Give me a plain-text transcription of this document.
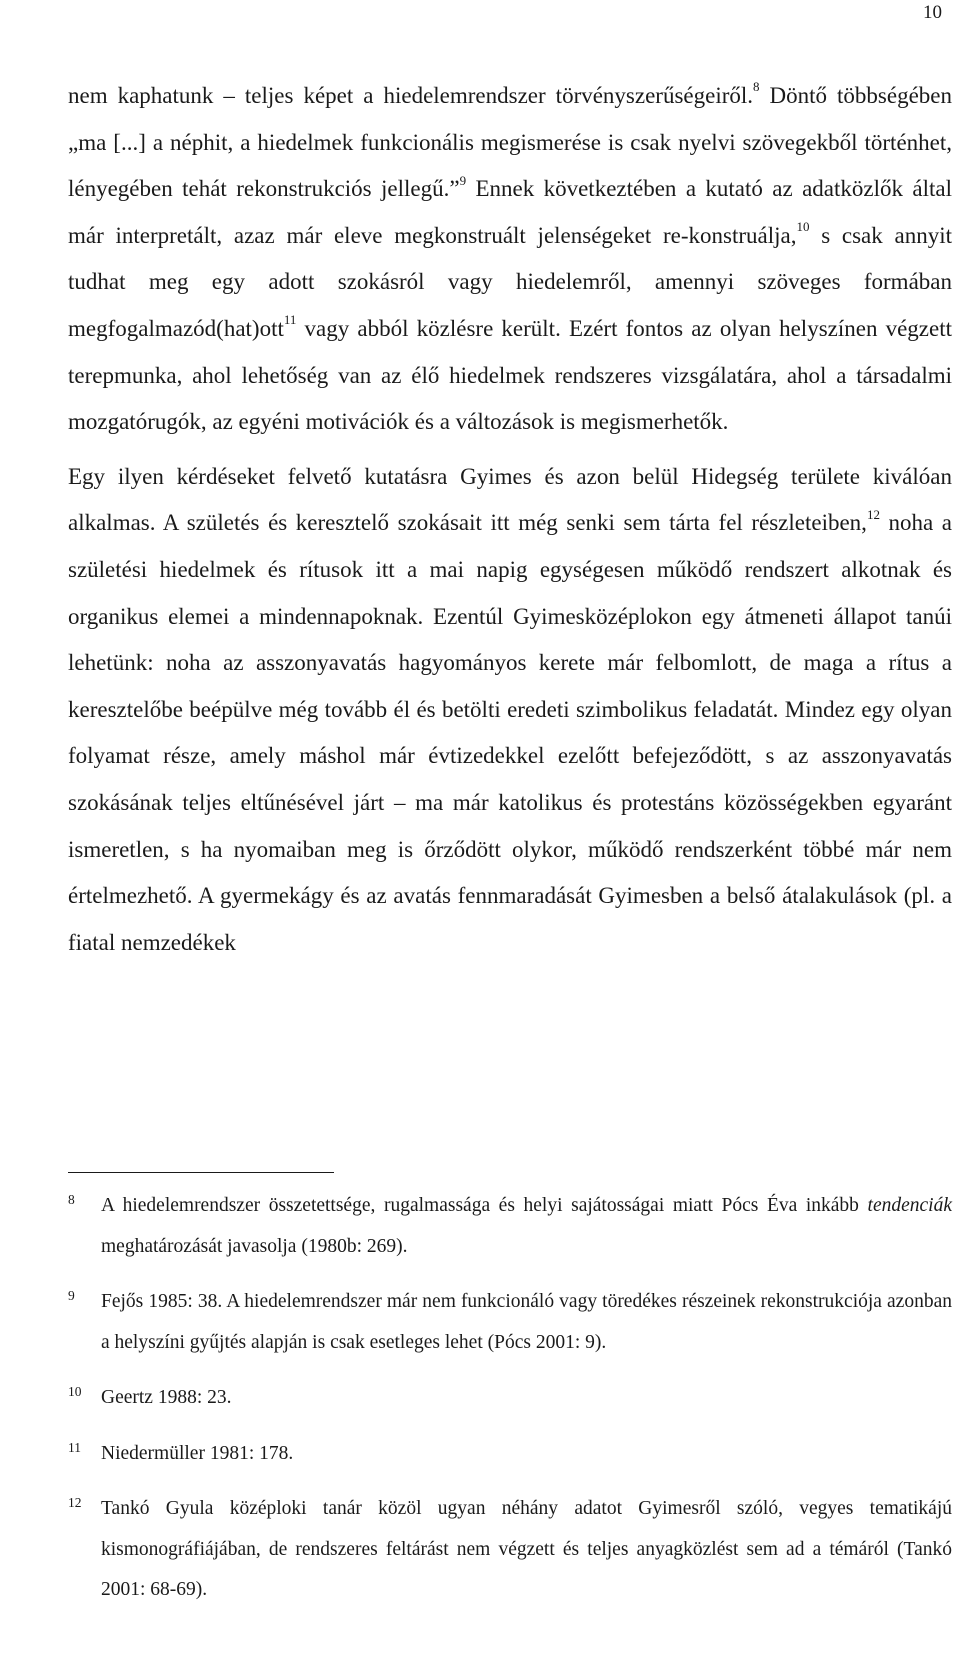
10

nem kaphatunk – teljes képet a hiedelemrendszer törvényszerűségeiről.$^8$ Döntő többségében „ma [...] a néphit, a hiedelmek funkcionális megismerése is csak nyelvi szövegekből történhet, lényegében tehát rekonstrukciós jellegű.”$^9$ Ennek következtében a kutató az adatközlők által már interpretált, azaz már eleve megkonstruált jelenségeket re-konstruálja,$^{10}$ s csak annyit tudhat meg egy adott szokásról vagy hiedelemről, amennyi szöveges formában megfogalmazód(hat)ott$^{11}$ vagy abból közlésre került. Ezért fontos az olyan helyszínen végzett terepmunka, ahol lehetőség van az élő hiedelmek rendszeres vizsgálatára, ahol a társadalmi mozgatórugók, az egyéni motivációk és a változások is megismerhetők.

Egy ilyen kérdéseket felvető kutatásra Gyimes és azon belül Hidegség területe kiválóan alkalmas. A születés és keresztelő szokásait itt még senki sem tárta fel részleteiben,$^{12}$ noha a születési hiedelmek és rítusok itt a mai napig egységesen működő rendszert alkotnak és organikus elemei a mindennapoknak. Ezentúl Gyimesközéplokon egy átmeneti állapot tanúi lehetünk: noha az asszonyavatás hagyományos kerete már felbomlott, de maga a rítus a keresztelőbe beépülve még tovább él és betölti eredeti szimbolikus feladatát. Mindez egy olyan folyamat része, amely máshol már évtizedekkel ezelőtt befejeződött, s az asszonyavatás szokásának teljes eltűnésével járt – ma már katolikus és protestáns közösségekben egyaránt ismeretlen, s ha nyomaiban meg is őrződött olykor, működő rendszerként többé már nem értelmezhető. A gyermekágy és az avatás fennmaradását Gyimesben a belső átalakulások (pl. a fiatal nemzedékek

8 A hiedelemrendszer összetettsége, rugalmassága és helyi sajátosságai miatt Pócs Éva inkább tendenciák meghatározását javasolja (1980b: 269).
9 Fejős 1985: 38. A hiedelemrendszer már nem funkcionáló vagy töredékes részeinek rekonstrukciója azonban a helyszíni gyűjtés alapján is csak esetleges lehet (Pócs 2001: 9).
10 Geertz 1988: 23.
11 Niedermüller 1981: 178.
12 Tankó Gyula középloki tanár közöl ugyan néhány adatot Gyimesről szóló, vegyes tematikájú kismonográfiájában, de rendszeres feltárást nem végzett és teljes anyagközlést sem ad a témáról (Tankó 2001: 68-69).
